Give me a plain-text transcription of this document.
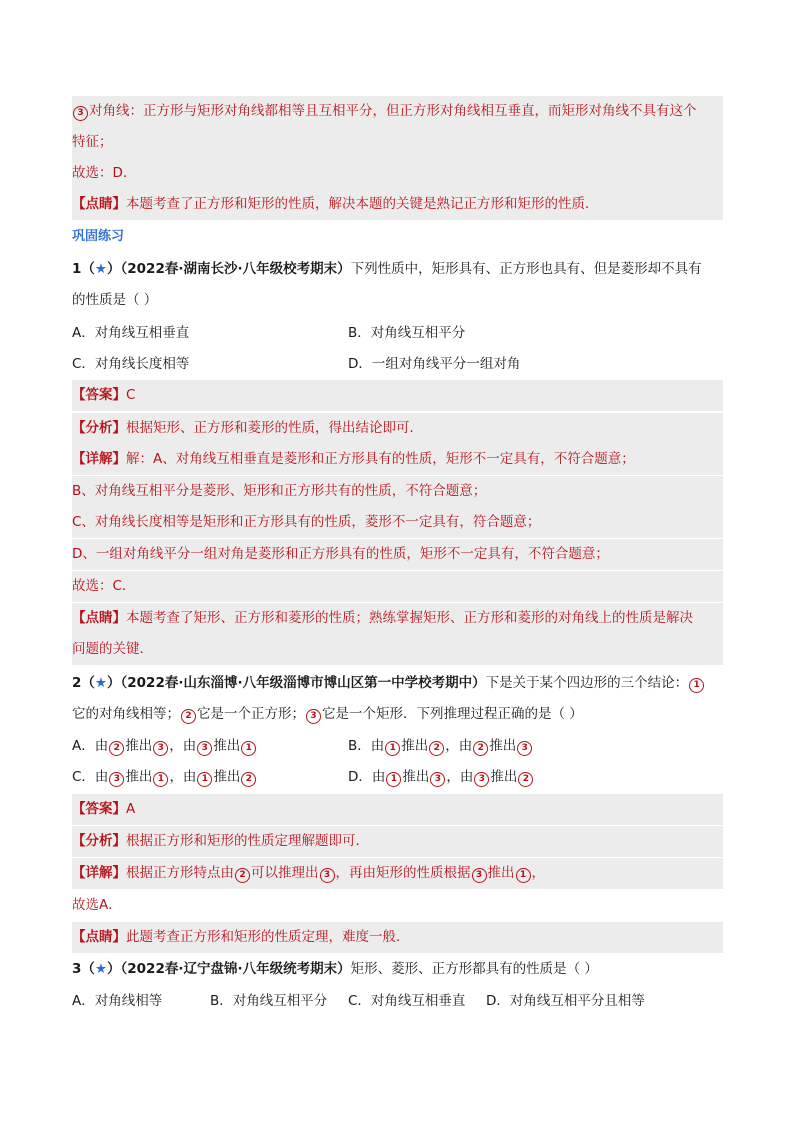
3 对角线：正方形与矩形对角线都相等且互相平分，但正方形对角线相互垂直，而矩形对角线不具有这个
特征；
故选：D．
【点睛】本题考查了正方形和矩形的性质，解决本题的关键是熟记正方形和矩形的性质．
巩固练习
1（★）（2022春·湖南长沙·八年级校考期末）下列性质中，矩形具有、正方形也具有、但是菱形却不具有
的性质是（ ）
A．对角线互相垂直	B．对角线互相平分
C．对角线长度相等	D．一组对角线平分一组对角
【答案】C
【分析】根据矩形、正方形和菱形的性质，得出结论即可．
【详解】解：A、对角线互相垂直是菱形和正方形具有的性质，矩形不一定具有，不符合题意；
B、对角线互相平分是菱形、矩形和正方形共有的性质，不符合题意；
C、对角线长度相等是矩形和正方形具有的性质，菱形不一定具有，符合题意；
D、一组对角线平分一组对角是菱形和正方形具有的性质，矩形不一定具有，不符合题意；
故选：C．
【点睛】本题考查了矩形、正方形和菱形的性质；熟练掌握矩形、正方形和菱形的对角线上的性质是解决
问题的关键．
2（★）（2022春·山东淄博·八年级淄博市博山区第一中学校考期中）下是关于某个四边形的三个结论： 1
它的对角线相等； 2 它是一个正方形； 3 它是一个矩形．下列推理过程正确的是（ ）
A．由 2 推出 3 ，由 3 推出 1	B．由 1 推出 2 ，由 2 推出 3
C．由 3 推出 1 ，由 1 推出 2	D．由 1 推出 3 ，由 3 推出 2
【答案】A
【分析】根据正方形和矩形的性质定理解题即可．
【详解】根据正方形特点由 2 可以推理出 3 ，再由矩形的性质根据 3 推出 1 ，
故选A．
【点睛】此题考查正方形和矩形的性质定理，难度一般．
3（★）（2022春·辽宁盘锦·八年级统考期末）矩形、菱形、正方形都具有的性质是（ ）
A．对角线相等	B．对角线互相平分 C．对角线互相垂直 D．对角线互相平分且相等
